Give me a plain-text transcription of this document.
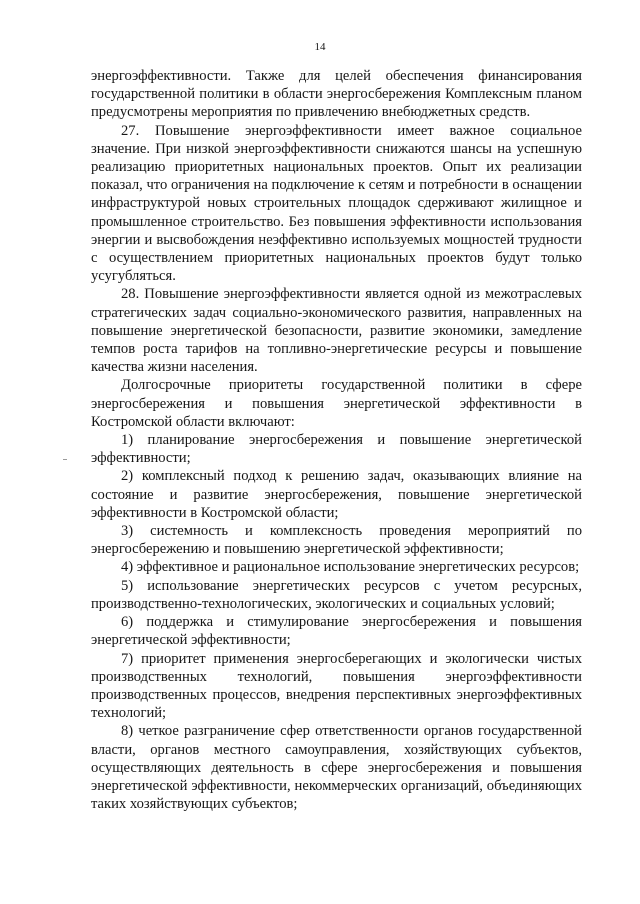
14

энергоэффективности. Также для целей обеспечения финансирования государственной политики в области энергосбережения Комплексным планом предусмотрены мероприятия по привлечению внебюджетных средств.

27. Повышение энергоэффективности имеет важное социальное значение. При низкой энергоэффективности снижаются шансы на успешную реализацию приоритетных национальных проектов. Опыт их реализации показал, что ограничения на подключение к сетям и потребности в оснащении инфраструктурой новых строительных площадок сдерживают жилищное и промышленное строительство. Без повышения эффективности использования энергии и высвобождения неэффективно используемых мощностей трудности с осуществлением приоритетных национальных проектов будут только усугубляться.

28. Повышение энергоэффективности является одной из межотраслевых стратегических задач социально-экономического развития, направленных на повышение энергетической безопасности, развитие экономики, замедление темпов роста тарифов на топливно-энергетические ресурсы и повышение качества жизни населения.

Долгосрочные приоритеты государственной политики в сфере энергосбережения и повышения энергетической эффективности в Костромской области включают:

1) планирование энергосбережения и повышение энергетической эффективности;

2) комплексный подход к решению задач, оказывающих влияние на состояние и развитие энергосбережения, повышение энергетической эффективности в Костромской области;

3) системность и комплексность проведения мероприятий по энергосбережению и повышению энергетической эффективности;

4) эффективное и рациональное использование энергетических ресурсов;

5) использование энергетических ресурсов с учетом ресурсных, производственно-технологических, экологических и социальных условий;

6) поддержка и стимулирование энергосбережения и повышения энергетической эффективности;

7) приоритет применения энергосберегающих и экологически чистых производственных технологий, повышения энергоэффективности производственных процессов, внедрения перспективных энергоэффективных технологий;

8) четкое разграничение сфер ответственности органов государственной власти, органов местного самоуправления, хозяйствующих субъектов, осуществляющих деятельность в сфере энергосбережения и повышения энергетической эффективности, некоммерческих организаций, объединяющих таких хозяйствующих субъектов;
